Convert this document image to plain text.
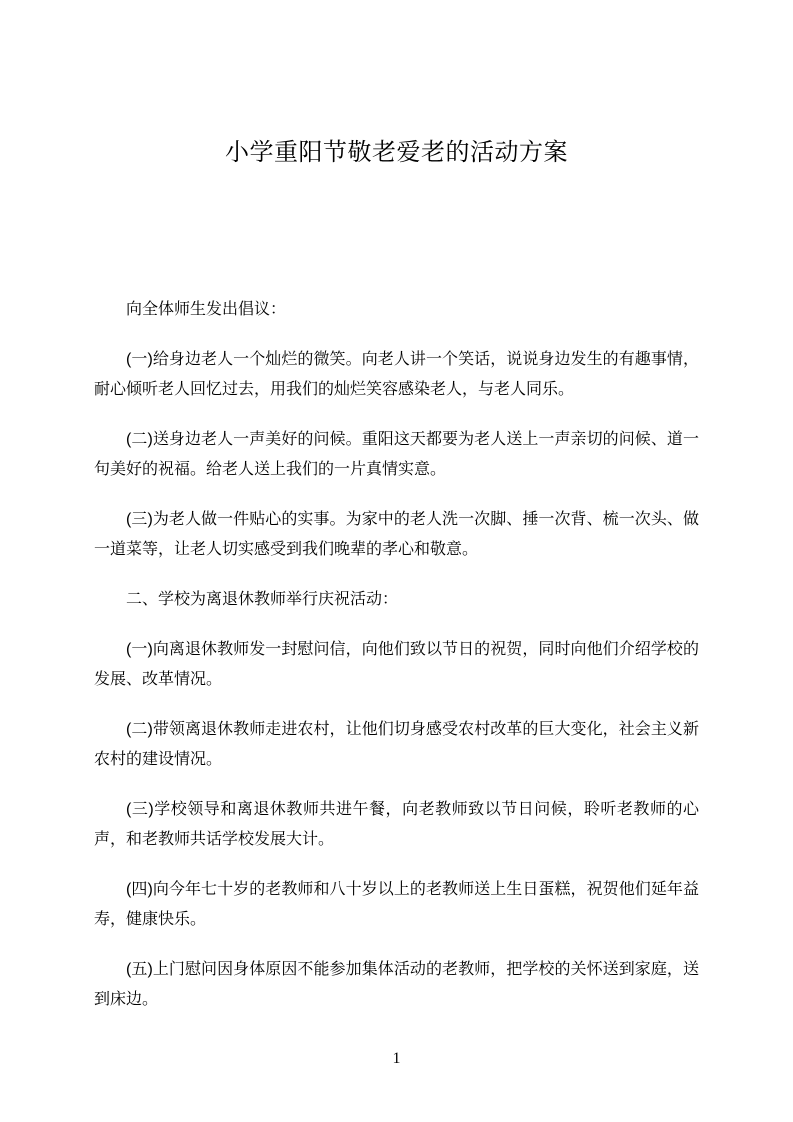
小学重阳节敬老爱老的活动方案

向全体师生发出倡议：

(一)给身边老人一个灿烂的微笑。向老人讲一个笑话，说说身边发生的有趣事情，耐心倾听老人回忆过去，用我们的灿烂笑容感染老人，与老人同乐。

(二)送身边老人一声美好的问候。重阳这天都要为老人送上一声亲切的问候、道一句美好的祝福。给老人送上我们的一片真情实意。

(三)为老人做一件贴心的实事。为家中的老人洗一次脚、捶一次背、梳一次头、做一道菜等，让老人切实感受到我们晚辈的孝心和敬意。

二、学校为离退休教师举行庆祝活动：

(一)向离退休教师发一封慰问信，向他们致以节日的祝贺，同时向他们介绍学校的发展、改革情况。

(二)带领离退休教师走进农村，让他们切身感受农村改革的巨大变化，社会主义新农村的建设情况。

(三)学校领导和离退休教师共进午餐，向老教师致以节日问候，聆听老教师的心声，和老教师共话学校发展大计。

(四)向今年七十岁的老教师和八十岁以上的老教师送上生日蛋糕，祝贺他们延年益寿，健康快乐。

(五)上门慰问因身体原因不能参加集体活动的老教师，把学校的关怀送到家庭，送到床边。

1
